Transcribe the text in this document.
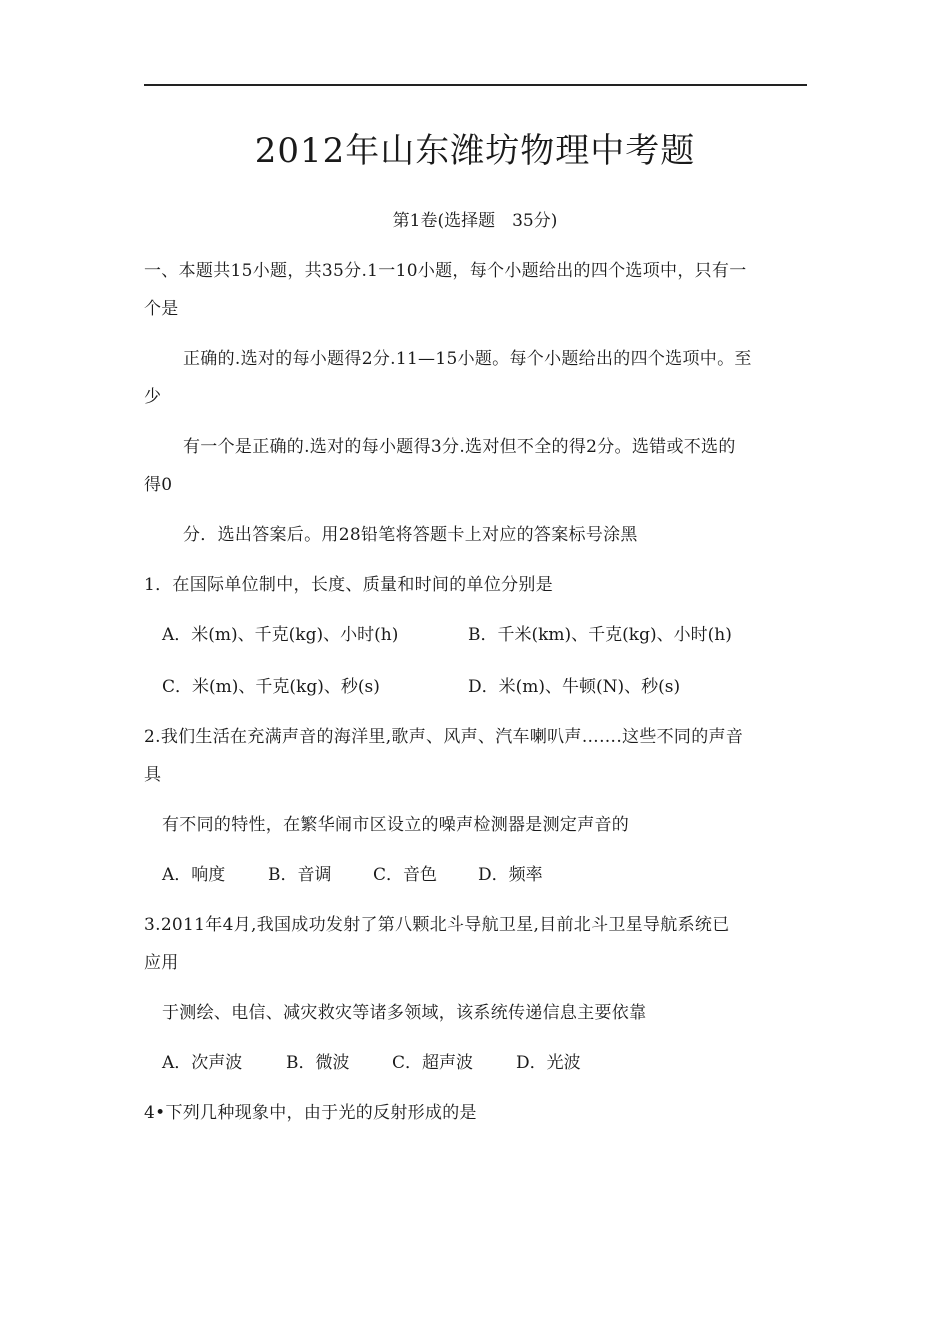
2012年山东潍坊物理中考题
第1卷(选择题　35分)
一、本题共15小题，共35分.1一10小题，每个小题给出的四个选项中，只有一
个是
正确的.选对的每小题得2分.11—15小题。每个小题给出的四个选项中。至
少
有一个是正确的.选对的每小题得3分.选对但不全的得2分。选错或不选的
得0
分．选出答案后。用28铅笔将答题卡上对应的答案标号涂黑
1．在国际单位制中，长度、质量和时间的单位分别是
A．米(m)、千克(kg)、小时(h)	B．千米(km)、千克(kg)、小时(h)
C．米(m)、千克(kg)、秒(s)	D．米(m)、牛顿(N)、秒(s)
2.我们生活在充满声音的海洋里,歌声、风声、汽车喇叭声…….这些不同的声音
具
有不同的特性，在繁华闹市区设立的噪声检测器是测定声音的
A．响度	B．音调 C．音色 D．频率
3.2011年4月,我国成功发射了第八颗北斗导航卫星,目前北斗卫星导航系统已
应用
于测绘、电信、减灾救灾等诸多领域，该系统传递信息主要依靠
A．次声波	B．微波	C．超声波	D．光波
4•下列几种现象中，由于光的反射形成的是
